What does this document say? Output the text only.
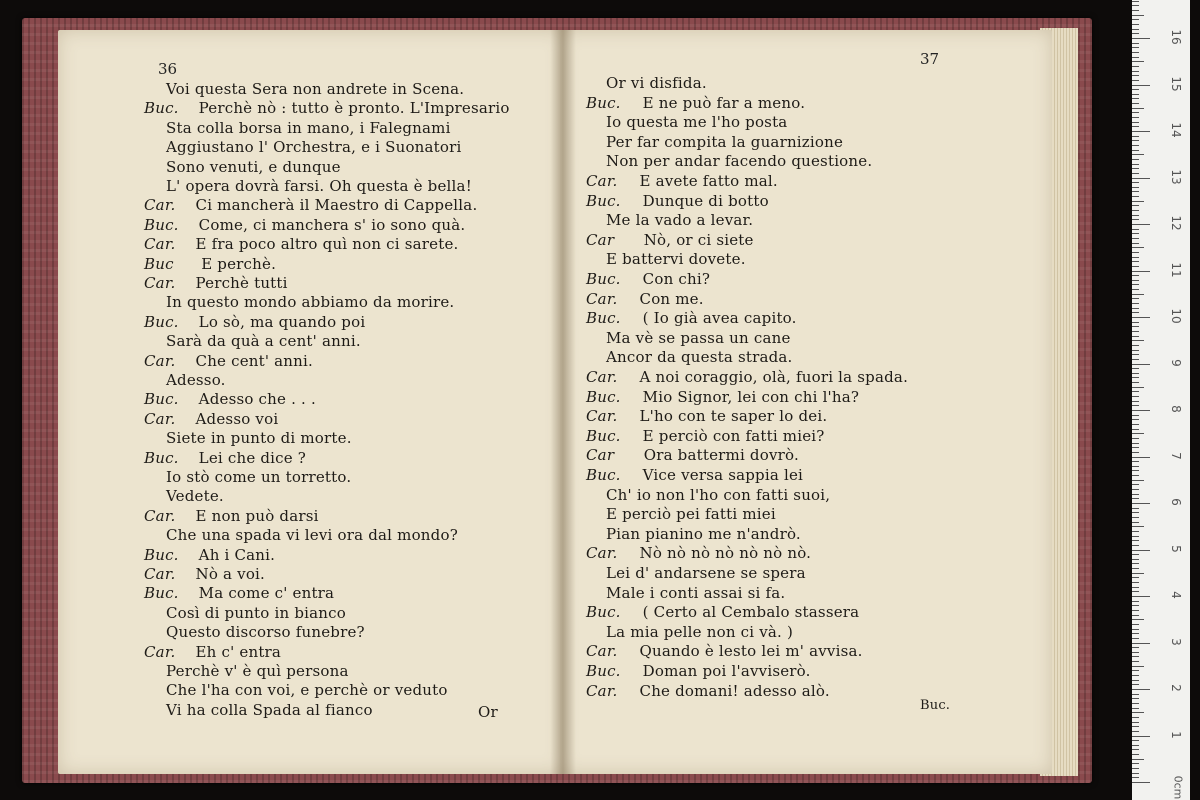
36
Voi questa Sera non andrete in Scena.
Buc. Perchè nò : tutto è pronto. L'Impresario
Sta colla borsa in mano, i Falegnami
Aggiustano l' Orchestra, e i Suonatori
Sono venuti, e dunque
L' opera dovrà farsi. Oh questa è bella!
Car. Ci mancherà il Maestro di Cappella.
Buc. Come, ci manchera s' io sono quà.
Car. E fra poco altro quì non ci sarete.
Buc E perchè.
Car. Perchè tutti
In questo mondo abbiamo da morire.
Buc. Lo sò, ma quando poi
Sarà da quà a cent' anni.
Car. Che cent' anni.
Adesso.
Buc. Adesso che . . .
Car. Adesso voi
Siete in punto di morte.
Buc. Lei che dice ?
Io stò come un torretto.
Vedete.
Car. E non può darsi
Che una spada vi levi ora dal mondo?
Buc. Ah i Cani.
Car. Nò a voi.
Buc. Ma come c' entra
Così di punto in bianco
Questo discorso funebre?
Car. Eh c' entra
Perchè v' è quì persona
Che l'ha con voi, e perchè or veduto
Vi ha colla Spada al fianco	Or
37
Or vi disfida.
Buc. E ne può far a meno.
Io questa me l'ho posta
Per far compita la guarnizione
Non per andar facendo questione.
Car. E avete fatto mal.
Buc. Dunque di botto
Me la vado a levar.
Car Nò, or ci siete
E battervi dovete.
Buc. Con chi?
Car. Con me.
Buc. ( Io già avea capito.
Ma vè se passa un cane
Ancor da questa strada.
Car. A noi coraggio, olà, fuori la spada.
Buc. Mio Signor, lei con chi l'ha?
Car. L'ho con te saper lo dei.
Buc. E perciò con fatti miei?
Car Ora battermi dovrò.
Buc. Vice versa sappia lei
Ch' io non l'ho con fatti suoi,
E perciò pei fatti miei
Pian pianino me n'andrò.
Car. Nò nò nò nò nò nò nò.
Lei d' andarsene se spera
Male i conti assai si fa.
Buc. ( Certo al Cembalo stassera
La mia pelle non ci và. )
Car. Quando è lesto lei m' avvisa.
Buc. Doman poi l'avviserò.
Car. Che domani! adesso alò.
Buc.
0cm
1
2
3
4
5
6
7
8
9
10
11
12
13
14
15
16
